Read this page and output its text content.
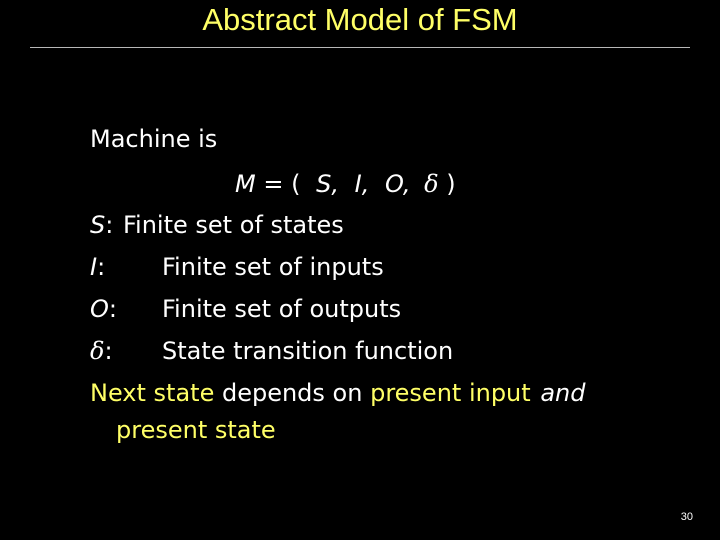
Abstract Model of FSM
Machine is
M = ( S, I, O, δ )
S: Finite set of states
I: Finite set of inputs
O: Finite set of outputs
δ: State transition function
Next state depends on present input and
present state
30
